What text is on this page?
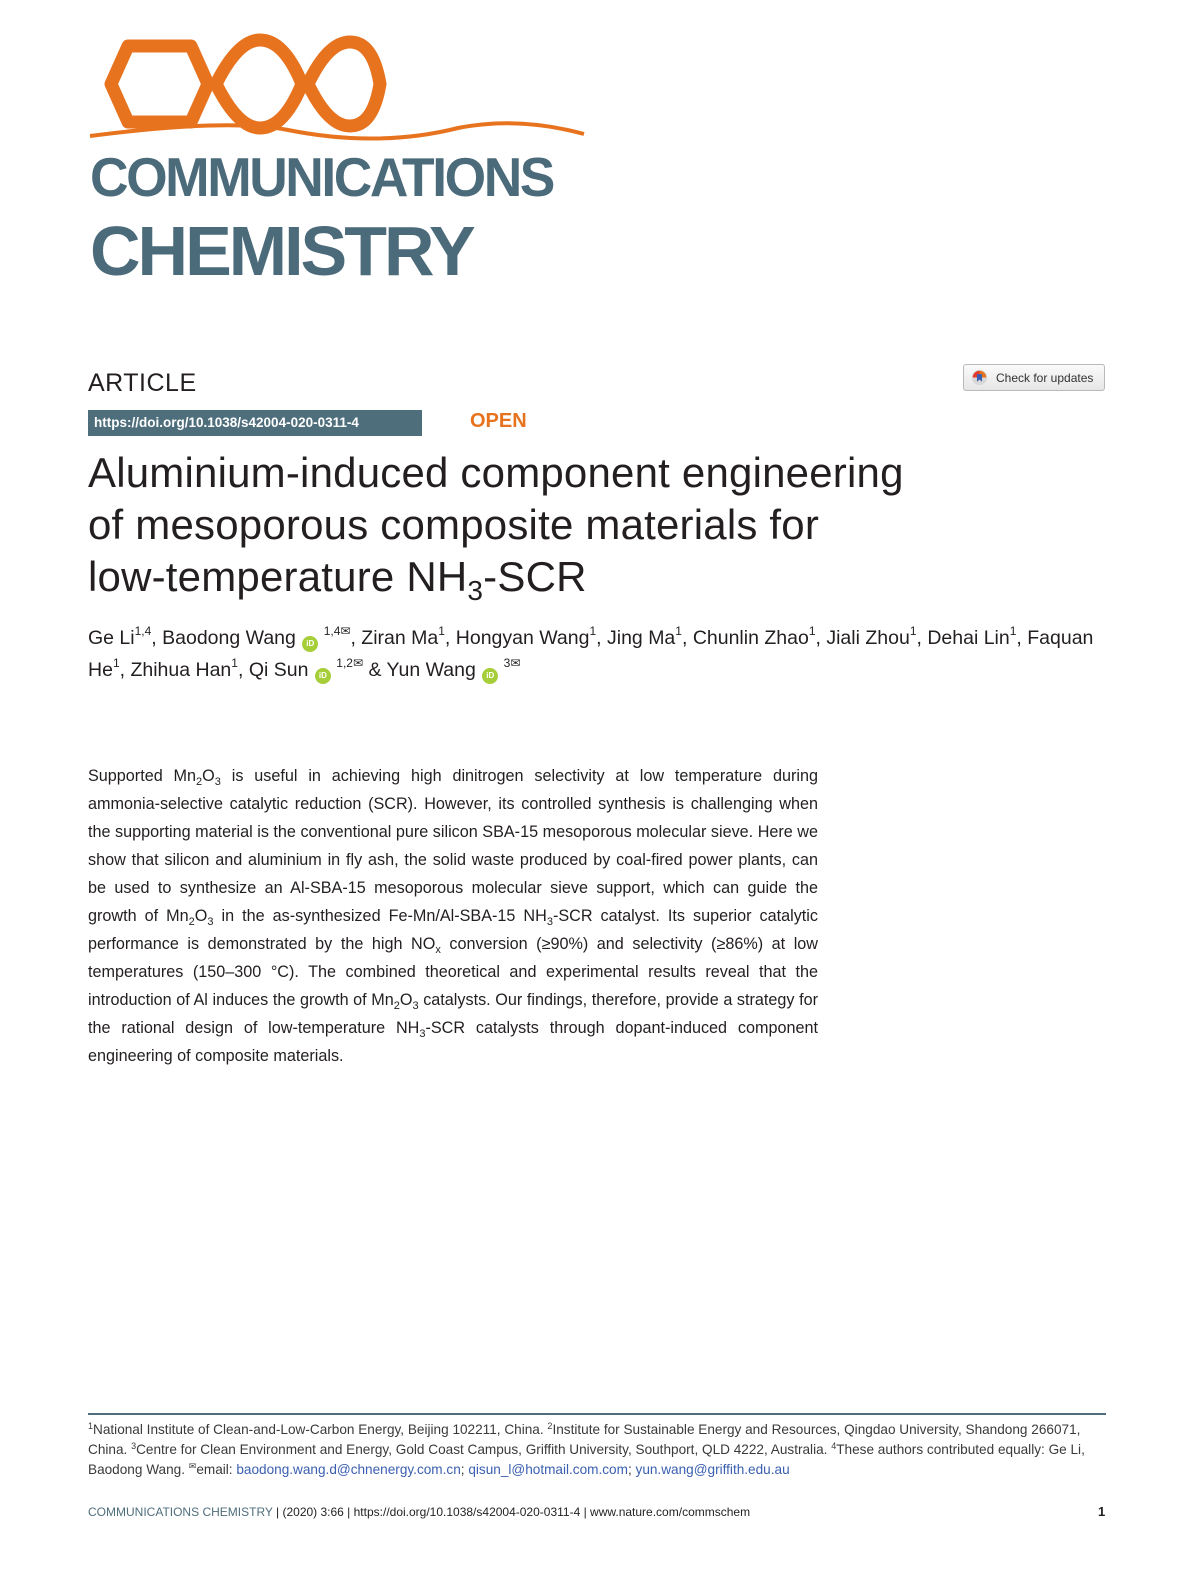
COMMUNICATIONS
CHEMISTRY
ARTICLE	Check for updates
https://doi.org/10.1038/s42004-020-0311-4	OPEN
Aluminium-induced component engineering
of mesoporous composite materials for
low-temperature $NH_3$-SCR
Ge Li$^{1,4}$, Baodong Wang iD $^{1,4✉}$, Ziran Ma$^1$, Hongyan Wang$^1$, Jing Ma$^1$, Chunlin Zhao$^1$, Jiali Zhou$^1$, Dehai Lin$^1$, Faquan He$^1$, Zhihua Han$^1$, Qi Sun iD $^{1,2✉}$ & Yun Wang iD $^{3✉}$
Supported $Mn_2O_3$ is useful in achieving high dinitrogen selectivity at low temperature during ammonia-selective catalytic reduction (SCR). However, its controlled synthesis is challenging when the supporting material is the conventional pure silicon SBA-15 mesoporous molecular sieve. Here we show that silicon and aluminium in fly ash, the solid waste produced by coal-fired power plants, can be used to synthesize an Al-SBA-15 mesoporous molecular sieve support, which can guide the growth of $Mn_2O_3$ in the as-synthesized Fe-Mn/Al-SBA-15 $NH_3$-SCR catalyst. Its superior catalytic performance is demonstrated by the high $NO_x$ conversion (≥90%) and selectivity (≥86%) at low temperatures (150–300 °C). The combined theoretical and experimental results reveal that the introduction of Al induces the growth of $Mn_2O_3$ catalysts. Our findings, therefore, provide a strategy for the rational design of low-temperature $NH_3$-SCR catalysts through dopant-induced component engineering of composite materials.
$^1$National Institute of Clean-and-Low-Carbon Energy, Beijing 102211, China. $^2$Institute for Sustainable Energy and Resources, Qingdao University, Shandong 266071, China. $^3$Centre for Clean Environment and Energy, Gold Coast Campus, Griffith University, Southport, QLD 4222, Australia. $^4$These authors contributed equally: Ge Li, Baodong Wang. ✉email: baodong.wang.d@chnenergy.com.cn; qisun_l@hotmail.com.com; yun.wang@griffith.edu.au
COMMUNICATIONS CHEMISTRY | (2020) 3:66 | https://doi.org/10.1038/s42004-020-0311-4 | www.nature.com/commschem	1
